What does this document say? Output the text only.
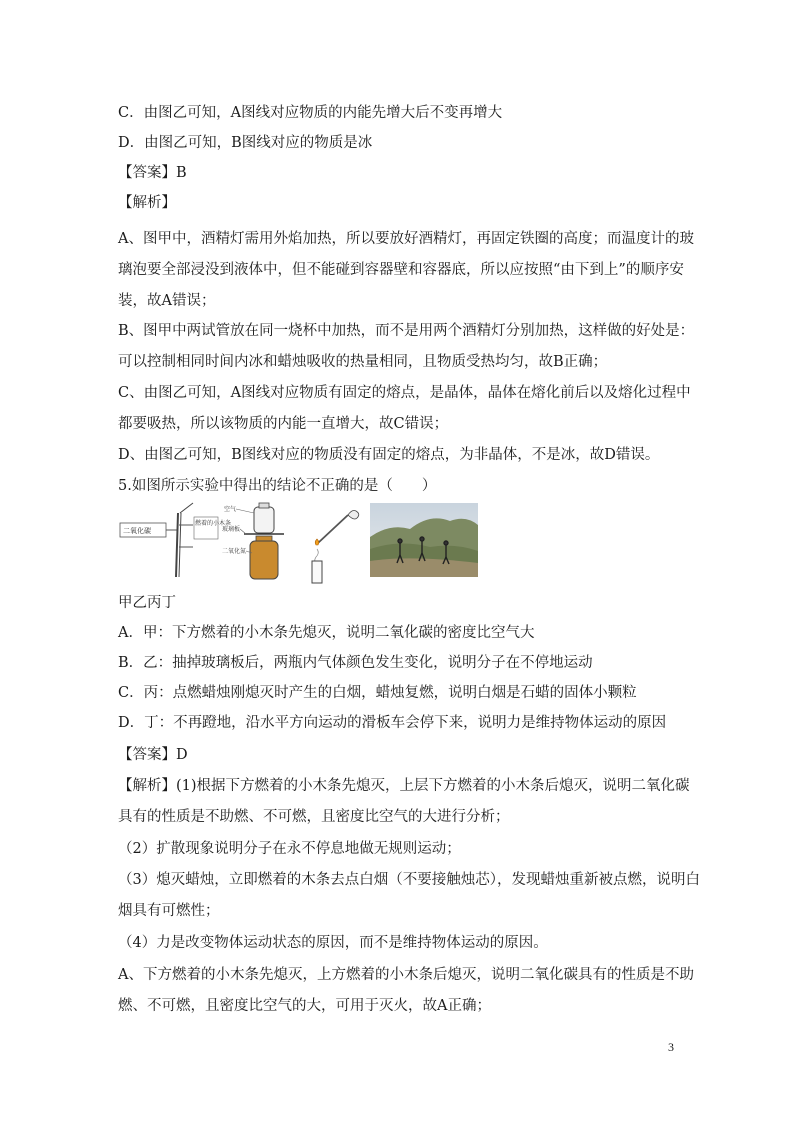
C．由图乙可知，A图线对应物质的内能先增大后不变再增大
D．由图乙可知，B图线对应的物质是冰
【答案】B
【解析】
A、图甲中，酒精灯需用外焰加热，所以要放好酒精灯，再固定铁圈的高度；而温度计的玻
璃泡要全部浸没到液体中，但不能碰到容器壁和容器底，所以应按照“由下到上”的顺序安
装，故A错误；
B、图甲中两试管放在同一烧杯中加热，而不是用两个酒精灯分别加热，这样做的好处是：
可以控制相同时间内冰和蜡烛吸收的热量相同，且物质受热均匀，故B正确；
C、由图乙可知，A图线对应物质有固定的熔点，是晶体，晶体在熔化前后以及熔化过程中
都要吸热，所以该物质的内能一直增大，故C错误；
D、由图乙可知，B图线对应的物质没有固定的熔点，为非晶体，不是冰，故D错误。
5.如图所示实验中得出的结论不正确的是（　　）
甲乙丙丁
A．甲：下方燃着的小木条先熄灭，说明二氧化碳的密度比空气大
B．乙：抽掉玻璃板后，两瓶内气体颜色发生变化，说明分子在不停地运动
C．丙：点燃蜡烛刚熄灭时产生的白烟，蜡烛复燃，说明白烟是石蜡的固体小颗粒
D．丁：不再蹬地，沿水平方向运动的滑板车会停下来，说明力是维持物体运动的原因
【答案】D
【解析】(1)根据下方燃着的小木条先熄灭，上层下方燃着的小木条后熄灭，说明二氧化碳
具有的性质是不助燃、不可燃，且密度比空气的大进行分析；
（2）扩散现象说明分子在永不停息地做无规则运动；
（3）熄灭蜡烛，立即燃着的木条去点白烟（不要接触烛芯），发现蜡烛重新被点燃，说明白
烟具有可燃性；
（4）力是改变物体运动状态的原因，而不是维持物体运动的原因。
A、下方燃着的小木条先熄灭，上方燃着的小木条后熄灭，说明二氧化碳具有的性质是不助
燃、不可燃，且密度比空气的大，可用于灭火，故A正确；
二氧化碳
燃着的小木条
空气
玻璃板
二氧化氮
3
